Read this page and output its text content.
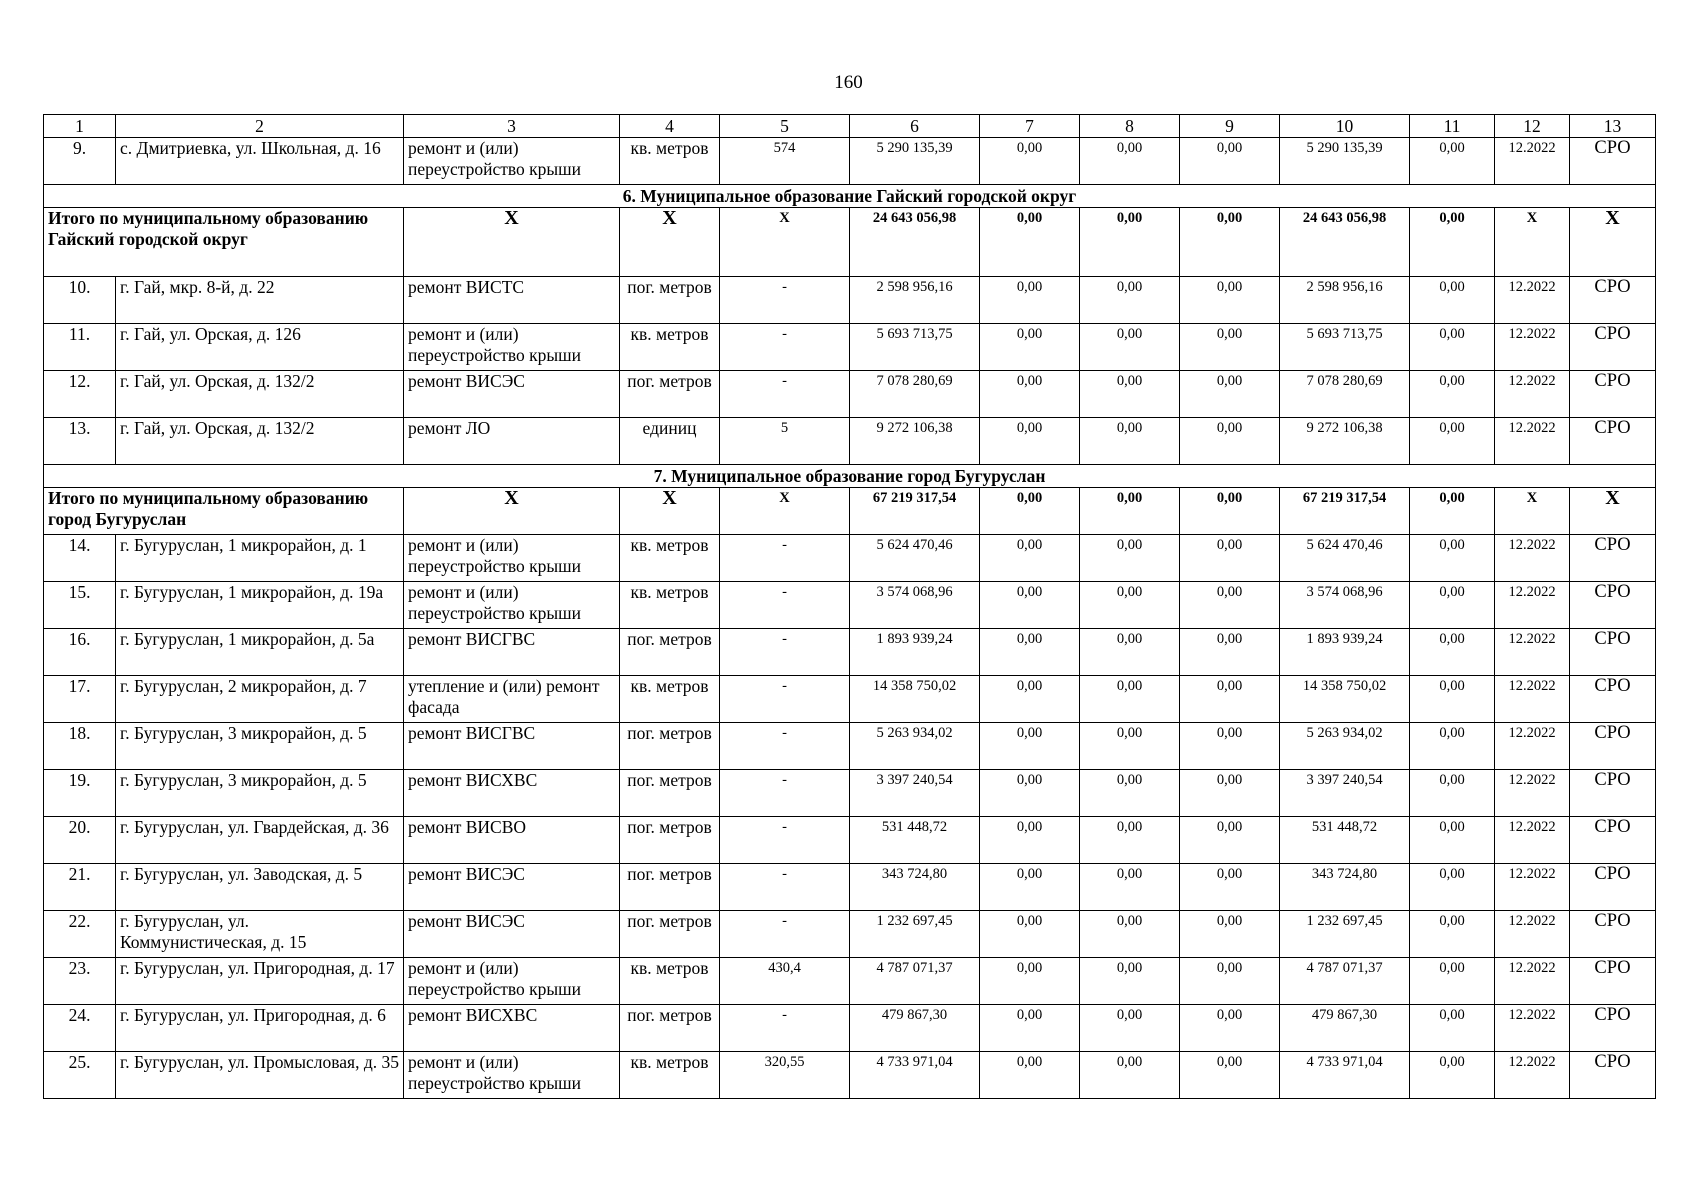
160
1	2	3	4	5	6	7	8	9	10	11	12	13
9.	с. Дмитриевка, ул. Школьная, д. 16	ремонт и (или) переустройство крыши	кв. метров	574	5 290 135,39	0,00	0,00	0,00	5 290 135,39	0,00	12.2022	СРО
6. Муниципальное образование Гайский городской округ												
Итого по муниципальному образованию Гайский городской округ		Х	Х	Х	24 643 056,98	0,00	0,00	0,00	24 643 056,98	0,00	Х	Х
10.	г. Гай, мкр. 8-й, д. 22	ремонт ВИСТС	пог. метров	-	2 598 956,16	0,00	0,00	0,00	2 598 956,16	0,00	12.2022	СРО
11.	г. Гай, ул. Орская, д. 126	ремонт и (или) переустройство крыши	кв. метров	-	5 693 713,75	0,00	0,00	0,00	5 693 713,75	0,00	12.2022	СРО
12.	г. Гай, ул. Орская, д. 132/2	ремонт ВИСЭС	пог. метров	-	7 078 280,69	0,00	0,00	0,00	7 078 280,69	0,00	12.2022	СРО
13.	г. Гай, ул. Орская, д. 132/2	ремонт ЛО	единиц	5	9 272 106,38	0,00	0,00	0,00	9 272 106,38	0,00	12.2022	СРО
7. Муниципальное образование город Бугуруслан												
Итого по муниципальному образованию город Бугуруслан		Х	Х	Х	67 219 317,54	0,00	0,00	0,00	67 219 317,54	0,00	Х	Х
14.	г. Бугуруслан, 1 микрорайон, д. 1	ремонт и (или) переустройство крыши	кв. метров	-	5 624 470,46	0,00	0,00	0,00	5 624 470,46	0,00	12.2022	СРО
15.	г. Бугуруслан, 1 микрорайон, д. 19а	ремонт и (или) переустройство крыши	кв. метров	-	3 574 068,96	0,00	0,00	0,00	3 574 068,96	0,00	12.2022	СРО
16.	г. Бугуруслан, 1 микрорайон, д. 5а	ремонт ВИСГВС	пог. метров	-	1 893 939,24	0,00	0,00	0,00	1 893 939,24	0,00	12.2022	СРО
17.	г. Бугуруслан, 2 микрорайон, д. 7	утепление и (или) ремонт фасада	кв. метров	-	14 358 750,02	0,00	0,00	0,00	14 358 750,02	0,00	12.2022	СРО
18.	г. Бугуруслан, 3 микрорайон, д. 5	ремонт ВИСГВС	пог. метров	-	5 263 934,02	0,00	0,00	0,00	5 263 934,02	0,00	12.2022	СРО
19.	г. Бугуруслан, 3 микрорайон, д. 5	ремонт ВИСХВС	пог. метров	-	3 397 240,54	0,00	0,00	0,00	3 397 240,54	0,00	12.2022	СРО
20.	г. Бугуруслан, ул. Гвардейская, д. 36	ремонт ВИСВО	пог. метров	-	531 448,72	0,00	0,00	0,00	531 448,72	0,00	12.2022	СРО
21.	г. Бугуруслан, ул. Заводская, д. 5	ремонт ВИСЭС	пог. метров	-	343 724,80	0,00	0,00	0,00	343 724,80	0,00	12.2022	СРО
22.	г. Бугуруслан, ул. Коммунистическая, д. 15	ремонт ВИСЭС	пог. метров	-	1 232 697,45	0,00	0,00	0,00	1 232 697,45	0,00	12.2022	СРО
23.	г. Бугуруслан, ул. Пригородная, д. 17	ремонт и (или) переустройство крыши	кв. метров	430,4	4 787 071,37	0,00	0,00	0,00	4 787 071,37	0,00	12.2022	СРО
24.	г. Бугуруслан, ул. Пригородная, д. 6	ремонт ВИСХВС	пог. метров	-	479 867,30	0,00	0,00	0,00	479 867,30	0,00	12.2022	СРО
25.	г. Бугуруслан, ул. Промысловая, д. 35	ремонт и (или) переустройство крыши	кв. метров	320,55	4 733 971,04	0,00	0,00	0,00	4 733 971,04	0,00	12.2022	СРО
